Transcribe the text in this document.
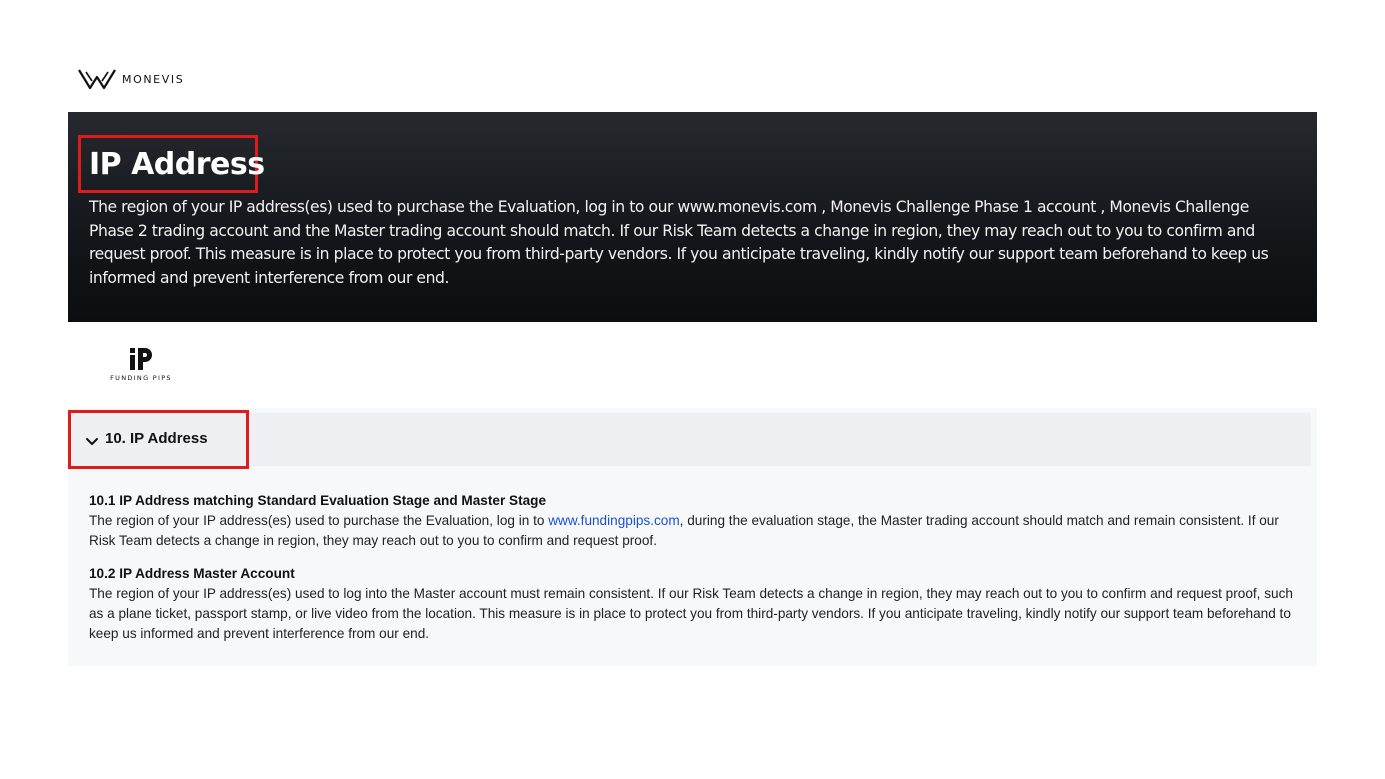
MONEVIS
IP Address
The region of your IP address(es) used to purchase the Evaluation, log in to our www.monevis.com , Monevis Challenge Phase 1 account , Monevis Challenge Phase 2 trading account and the Master trading account should match. If our Risk Team detects a change in region, they may reach out to you to confirm and request proof. This measure is in place to protect you from third-party vendors. If you anticipate traveling, kindly notify our support team beforehand to keep us informed and prevent interference from our end.
FUNDING PIPS
10. IP Address
10.1 IP Address matching Standard Evaluation Stage and Master Stage

The region of your IP address(es) used to purchase the Evaluation, log in to www.fundingpips.com, during the evaluation stage, the Master trading account should match and remain consistent. If our Risk Team detects a change in region, they may reach out to you to confirm and request proof.

10.2 IP Address Master Account

The region of your IP address(es) used to log into the Master account must remain consistent. If our Risk Team detects a change in region, they may reach out to you to confirm and request proof, such as a plane ticket, passport stamp, or live video from the location. This measure is in place to protect you from third-party vendors. If you anticipate traveling, kindly notify our support team beforehand to keep us informed and prevent interference from our end.
